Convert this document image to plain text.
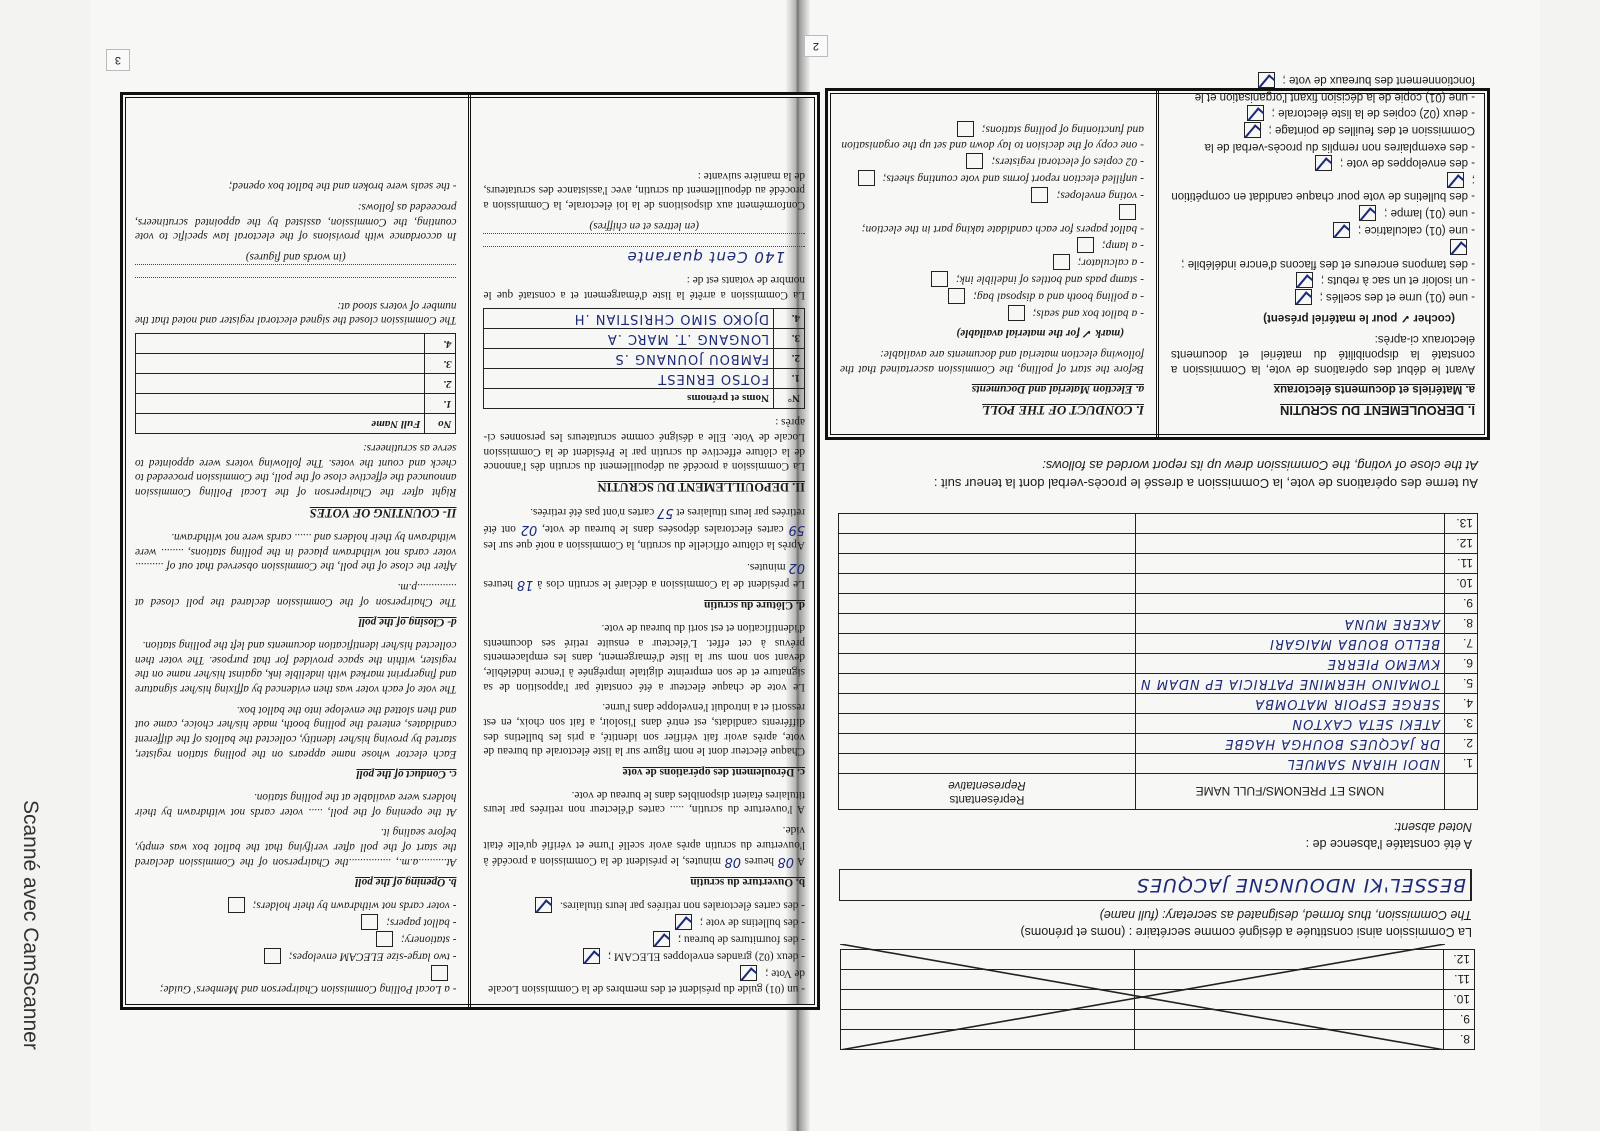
2
8.		
9.		
10.		
11.		
12.		
La Commission ainsi constituée a désigné comme secrétaire : (noms et prénoms)
The Commission, thus formed, designated as secretary: (full name)
BESSEL'KI NDOUNGNE JACQUES
A été constatée l'absence de :
Noted absent:
	NOMS ET PRENOMS/FULL NAME	Représentants
Representative

1.	NDOI HIRAN SAMUEL	
2.	DR JACQUES BOUHGA HAGBE	
3.	ATEKI SETA CAXTON	
4.	SERGE ESPOIR MATOMBA	
5.	TOMAINO HERMINE PATRICIA EP NDAM N	
6.	KWEMO PIERRE	
7.	BELLO BOUBA MAIGARI	
8.	AKERE MUNA	
9.		
10.		
11.		
12.		
13.		
Au terme des opérations de vote, la Commission a dressé le procès-verbal dont la teneur suit :
At the close of voting, the Commission drew up its report worded as follows:
I. DEROULEMENT DU SCRUTIN
a. Matériels et documents électoraux

Avant le début des opérations de vote, la Commission a constaté la disponibilité du matériel et documents électoraux ci-après:

(cocher ✓ pour le matériel présent)
- une (01) urne et des scellés ;
- un isoloir et un sac à rebuts ;
- des tampons encreurs et des flacons d'encre indélébile ;
- une (01) calculatrice ;
- une (01) lampe ;
- des bulletins de vote pour chaque candidat en compétition ;
- des enveloppes de vote ;
- des exemplaires non remplis du procès-verbal de la Commission et des feuilles de pointage ;
- deux (02) copies de la liste électorale ;
- une (01) copie de la décision fixant l'organisation et le fonctionnement des bureaux de vote ;
I. CONDUCT OF THE POLL
a. Election Material and Documents

Before the start of polling, the Commission ascertained that the following election material and documents are available:

(mark ✓ for the material available)
- a ballot box and seals;
- a polling booth and a disposal bag;
- stamp pads and bottles of indelible ink;
- a calculator;
- a lamp;
- ballot papers for each candidate taking part in the election;
- voting envelopes;
- unfilled election report forms and vote counting sheets;
- 02 copies of electoral registers;
- one copy of the decision to lay down and set up the organisation and functioning of polling stations;
3
- un (01) guide du président et des membres de la Commission Locale de Vote ;
- deux (02) grandes enveloppes ELECAM ;
- des fournitures de bureau ;
- des bulletins de vote ;
- des cartes électorales non retirées par leurs titulaires.
b. Ouverture du scrutin

A 08 heures 08 minutes, le président de la Commission a procédé à l'ouverture du scrutin après avoir scellé l'urne et vérifié qu'elle était vide.

A l'ouverture du scrutin, ..... cartes d'électeur non retirées par leurs titulaires étaient disponibles dans le bureau de vote.

c. Déroulement des opérations de vote

Chaque électeur dont le nom figure sur la liste électorale du bureau de vote, après avoir fait vérifier son identité, a pris les bulletins des différents candidats, est entré dans l'isoloir, a fait son choix, en est ressorti et a introduit l'enveloppe dans l'urne.

Le vote de chaque électeur a été constaté par l'apposition de sa signature et de son empreinte digitale imprégnée à l'encre indélébile, devant son nom sur la liste d'émargement, dans les emplacements prévus à cet effet. L'électeur a ensuite retiré ses documents d'identification et est sorti du bureau de vote.

d. Clôture du scrutin

Le président de la Commission a déclaré le scrutin clos à 18 heures 02 minutes.

Après la clôture officielle du scrutin, la Commission a noté que sur les 59 cartes électorales déposées dans le bureau de vote, 02 ont été retirées par leurs titulaires et 57 cartes n'ont pas été retirées.

II. DEPOUILLEMENT DU SCRUTIN

La Commission a procédé au dépouillement du scrutin dès l'annonce de la clôture effective du scrutin par le Président de la Commission Locale de Vote. Elle a désigné comme scrutateurs les personnes ci-après :

N°	Noms et prénoms
1.	FOTSO ERNEST
2.	FAMBOU JOUNANG .S
3.	LONGANG .T. MARC .A
4.	DJOKO SIMO CHRISTIAN .H

La Commission a arrêté la liste d'émargement et a constaté que le nombre de votants est de :

140 Cent quarante
(en lettres et en chiffres)

Conformément aux dispositions de la loi électorale, la Commission a procédé au dépouillement du scrutin, avec l'assistance des scrutateurs, de la manière suivante :

- a Local Polling Commission Chairperson and Members' Guide;
- two large-size ELECAM envelopes;
- stationery;
- ballot papers;
- voter cards not withdrawn by their holders;
b. Opening of the poll

At..........a.m., ...............the Chairperson of the Commission declared the start of the poll after verifying that the ballot box was empty, before sealing it.

At the opening of the poll, ..... voter cards not withdrawn by their holders were available at the polling station.

c. Conduct of the poll

Each elector whose name appears on the polling station register, started by proving his/her identity, collected the ballots of the different candidates, entered the polling booth, made his/her choice, came out and then slotted the envelope into the ballot box.

The vote of each voter was then evidenced by affixing his/her signature and fingerprint marked with indelible ink, against his/her name on the register, within the space provided for that purpose. The voter then collected his/her identification documents and left the polling station.

d- Closing of the poll

The Chairperson of the Commission declared the poll closed at ..............p.m.

After the close of the poll, the Commission observed that out of .......... voter cards not withdrawn placed in the polling stations, ........ were withdrawn by their holders and ...... cards were not withdrawn.

II- COUNTING OF VOTES

Right after the Chairperson of the Local Polling Commission announced the effective close of the poll, the Commission proceeded to check and count the votes. The following voters were appointed to serve as scrutineers:

No	Full Name
1.	
2.	
3.	
4.	

The Commission closed the signed electoral register and noted that the number of voters stood at:

(in words and figures)

In accordance with provisions of the electoral law specific to vote counting, the Commission, assisted by the appointed scrutineers, proceeded as follows:

- the seals were broken and the ballot box opened;

Scanné avec CamScanner
